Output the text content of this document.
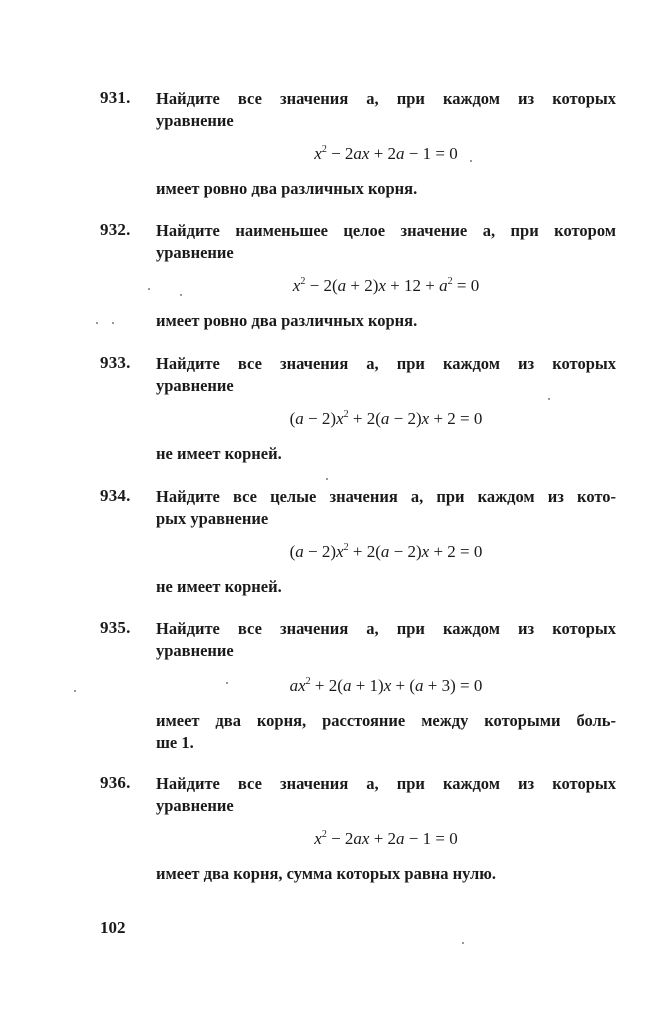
931. Найдите все значения a, при каждом из которых
уравнение
$x^2 - 2ax + 2a - 1 = 0$
имеет ровно два различных корня.
932. Найдите наименьшее целое значение a, при котором
уравнение
$x^2 - 2(a + 2)x + 12 + a^2 = 0$
имеет ровно два различных корня.
933. Найдите все значения a, при каждом из которых
уравнение
$(a - 2)x^2 + 2(a - 2)x + 2 = 0$
не имеет корней.
934. Найдите все целые значения a, при каждом из кото-
рых уравнение
$(a - 2)x^2 + 2(a - 2)x + 2 = 0$
не имеет корней.
935. Найдите все значения a, при каждом из которых
уравнение
$ax^2 + 2(a + 1)x + (a + 3) = 0$
имеет два корня, расстояние между которыми боль-
ше 1.
936. Найдите все значения a, при каждом из которых
уравнение
$x^2 - 2ax + 2a - 1 = 0$
имеет два корня, сумма которых равна нулю.
102
